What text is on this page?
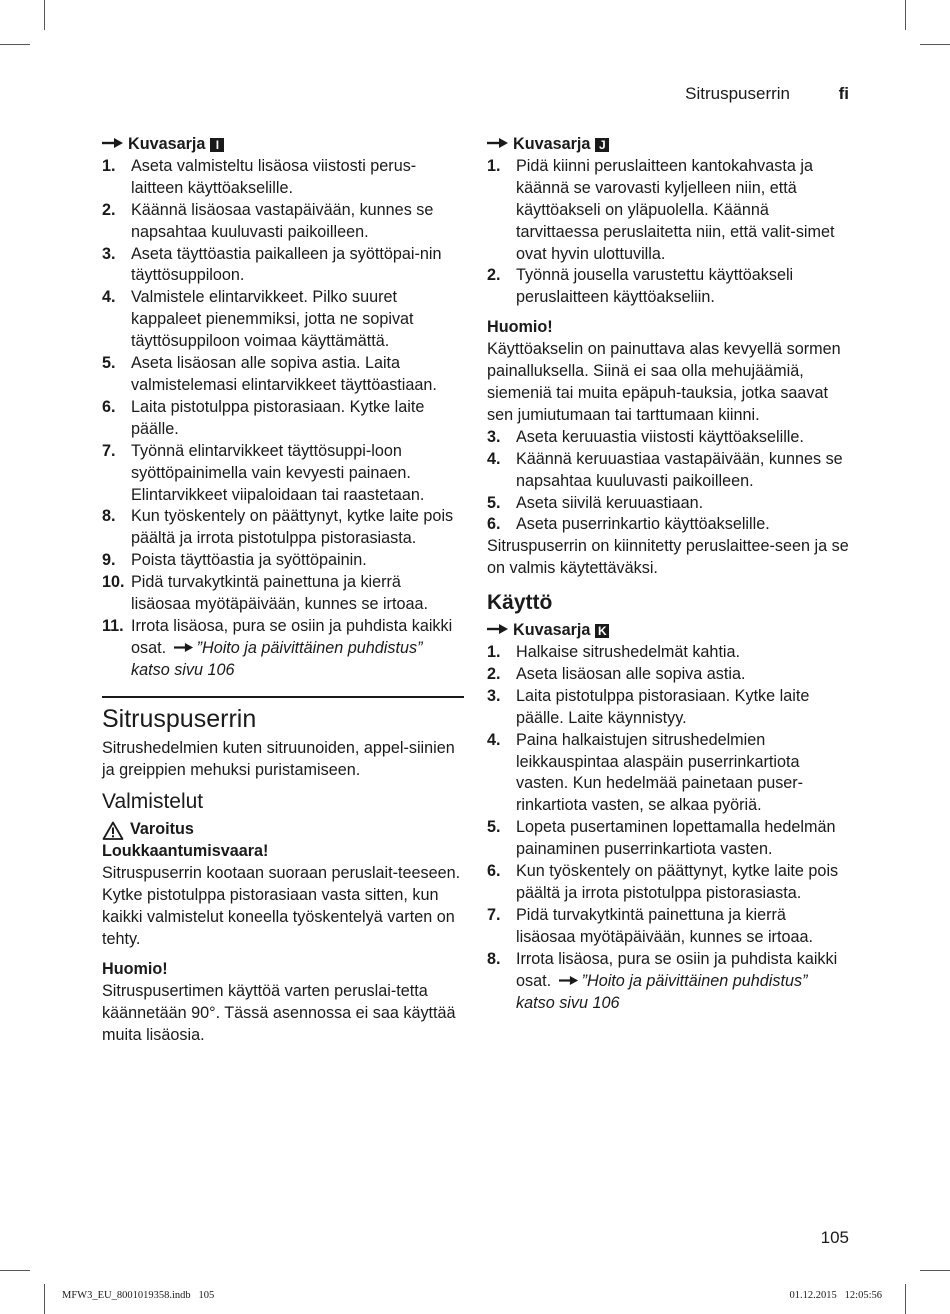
Sitruspuserrin	fi
Kuvasarja I
1. Aseta valmisteltu lisäosa viistosti perus-laitteen käyttöakselille.
2. Käännä lisäosaa vastapäivään, kunnes se napsahtaa kuuluvasti paikoilleen.
3. Aseta täyttöastia paikalleen ja syöttöpai-nin täyttösuppiloon.
4. Valmistele elintarvikkeet. Pilko suuret kappaleet pienemmiksi, jotta ne sopivat täyttösuppiloon voimaa käyttämättä.
5. Aseta lisäosan alle sopiva astia. Laita valmistelemasi elintarvikkeet täyttöastiaan.
6. Laita pistotulppa pistorasiaan. Kytke laite päälle.
7. Työnnä elintarvikkeet täyttösuppi-loon syöttöpainimella vain kevyesti painaen. Elintarvikkeet viipaloidaan tai raastetaan.
8. Kun työskentely on päättynyt, kytke laite pois päältä ja irrota pistotulppa pistorasiasta.
9. Poista täyttöastia ja syöttöpainin.
10. Pidä turvakytkintä painettuna ja kierrä lisäosaa myötäpäivään, kunnes se irtoaa.
11. Irrota lisäosa, pura se osiin ja puhdista kaikki osat. ”Hoito ja päivittäinen puhdistus” katso sivu 106
Sitruspuserrin

Sitrushedelmien kuten sitruunoiden, appel-siinien ja greippien mehuksi puristamiseen.

Valmistelut
Varoitus
Loukkaantumisvaara!

Sitruspuserrin kootaan suoraan peruslait-teeseen. Kytke pistotulppa pistorasiaan vasta sitten, kun kaikki valmistelut koneella työskentelyä varten on tehty.

Huomio!

Sitruspusertimen käyttöä varten peruslai-tetta käännetään 90°. Tässä asennossa ei saa käyttää muita lisäosia.

Kuvasarja J
1. Pidä kiinni peruslaitteen kantokahvasta ja käännä se varovasti kyljelleen niin, että käyttöakseli on yläpuolella. Käännä tarvittaessa peruslaitetta niin, että valit-simet ovat hyvin ulottuvilla.
2. Työnnä jousella varustettu käyttöakseli peruslaitteen käyttöakseliin.
Huomio!

Käyttöakselin on painuttava alas kevyellä sormen painalluksella. Siinä ei saa olla mehujäämiä, siemeniä tai muita epäpuh-tauksia, jotka saavat sen jumiutumaan tai tarttumaan kiinni.

3. Aseta keruuastia viistosti käyttöakselille.
4. Käännä keruuastiaa vastapäivään, kunnes se napsahtaa kuuluvasti paikoilleen.
5. Aseta siivilä keruuastiaan.
6. Aseta puserrinkartio käyttöakselille.

Sitruspuserrin on kiinnitetty peruslaittee-seen ja se on valmis käytettäväksi.

Käyttö
Kuvasarja K
1. Halkaise sitrushedelmät kahtia.
2. Aseta lisäosan alle sopiva astia.
3. Laita pistotulppa pistorasiaan. Kytke laite päälle. Laite käynnistyy.
4. Paina halkaistujen sitrushedelmien leikkauspintaa alaspäin puserrinkartiota vasten. Kun hedelmää painetaan puser-rinkartiota vasten, se alkaa pyöriä.
5. Lopeta pusertaminen lopettamalla hedelmän painaminen puserrinkartiota vasten.
6. Kun työskentely on päättynyt, kytke laite pois päältä ja irrota pistotulppa pistorasiasta.
7. Pidä turvakytkintä painettuna ja kierrä lisäosaa myötäpäivään, kunnes se irtoaa.
8. Irrota lisäosa, pura se osiin ja puhdista kaikki osat. ”Hoito ja päivittäinen puhdistus” katso sivu 106
105
MFW3_EU_8001019358.indb   105	01.12.2015   12:05:56
